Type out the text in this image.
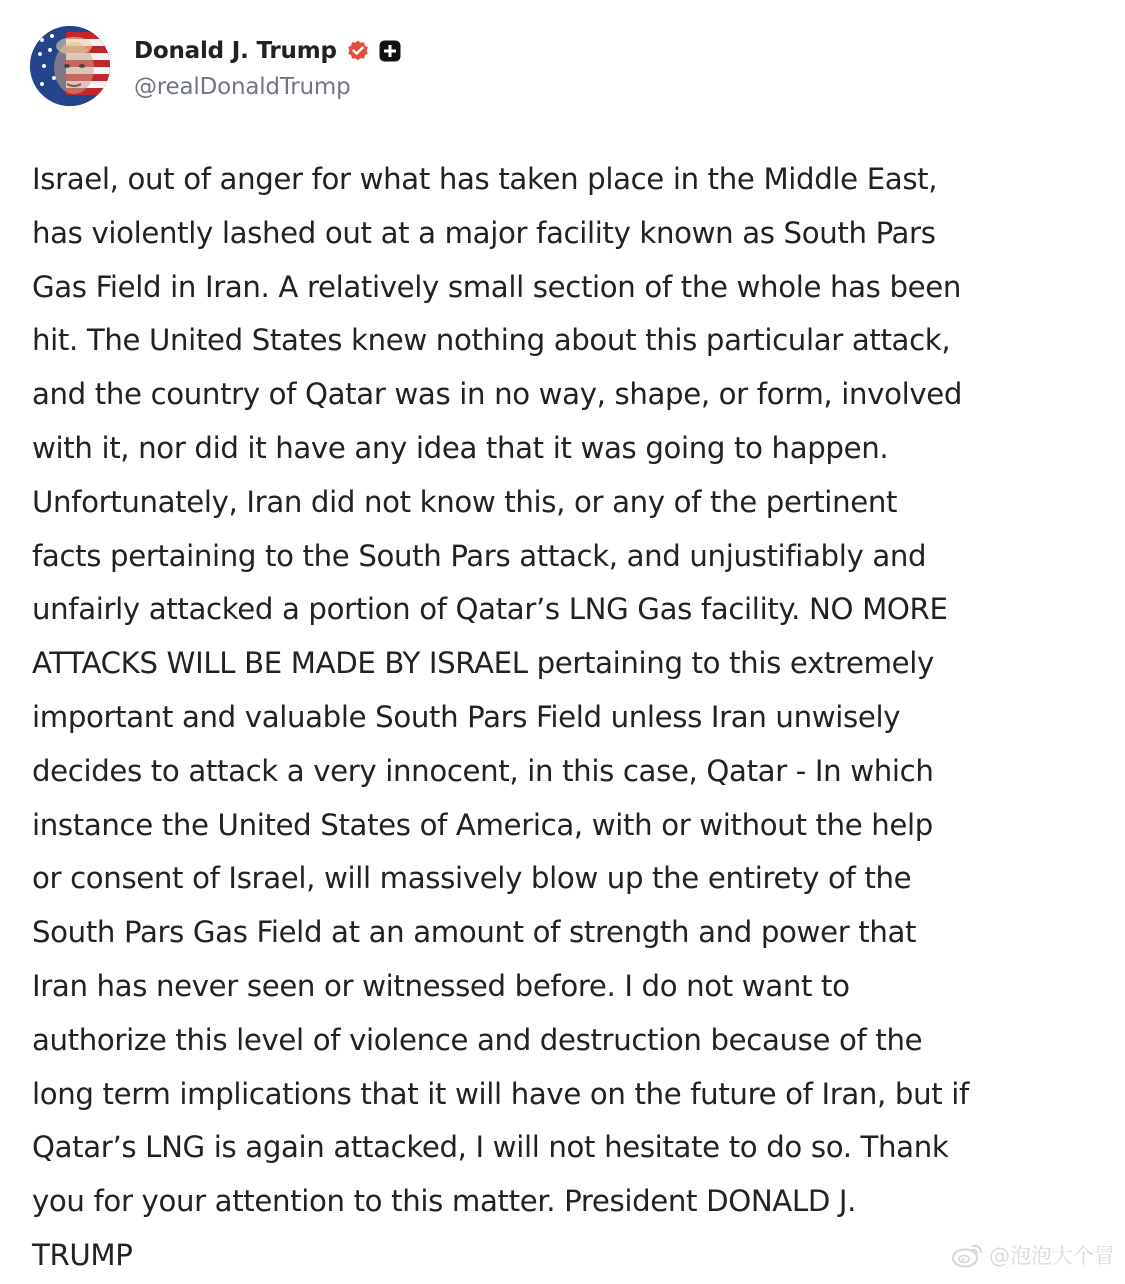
Donald J. Trump
@realDonaldTrump
Israel, out of anger for what has taken place in the Middle East,
has violently lashed out at a major facility known as South Pars
Gas Field in Iran. A relatively small section of the whole has been
hit. The United States knew nothing about this particular attack,
and the country of Qatar was in no way, shape, or form, involved
with it, nor did it have any idea that it was going to happen.
Unfortunately, Iran did not know this, or any of the pertinent
facts pertaining to the South Pars attack, and unjustifiably and
unfairly attacked a portion of Qatar’s LNG Gas facility. NO MORE
ATTACKS WILL BE MADE BY ISRAEL pertaining to this extremely
important and valuable South Pars Field unless Iran unwisely
decides to attack a very innocent, in this case, Qatar - In which
instance the United States of America, with or without the help
or consent of Israel, will massively blow up the entirety of the
South Pars Gas Field at an amount of strength and power that
Iran has never seen or witnessed before. I do not want to
authorize this level of violence and destruction because of the
long term implications that it will have on the future of Iran, but if
Qatar’s LNG is again attacked, I will not hesitate to do so. Thank
you for your attention to this matter. President DONALD J.
TRUMP	@泡泡大个冒
